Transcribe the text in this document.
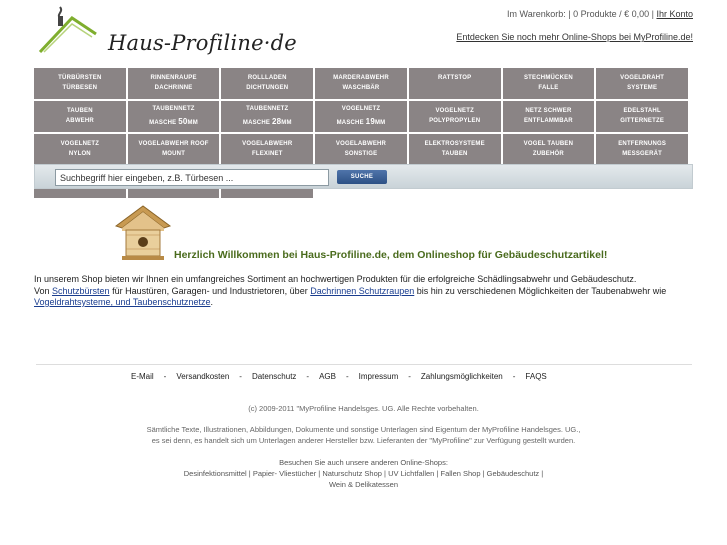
Haus-Profiline·de
Im Warenkorb: | 0 Produkte / € 0,00 | Ihr Konto
Entdecken Sie noch mehr Online-Shops bei MyProfiline.de!
TÜRBÜRSTEN
TÜRBESEN
RINNENRAUPE
DACHRINNE
ROLLLADEN
DICHTUNGEN
MARDERABWEHR
WASCHBÄR
RATTSTOP	STECHMÜCKEN
FALLE
VOGELDRAHT
SYSTEME
TAUBEN
ABWEHR
TAUBENNETZ
MASCHE 50MM
TAUBENNETZ
MASCHE 28MM
VOGELNETZ
MASCHE 19MM
VOGELNETZ
POLYPROPYLEN
NETZ SCHWER
ENTFLAMMBAR
EDELSTAHL
GITTERNETZE
VOGELNETZ
NYLON
VOGELABWEHR ROOF
MOUNT
VOGELABWEHR
FLEXINET
VOGELABWEHR
SONSTIGE
ELEKTROSYSTEME
TAUBEN
VOGEL TAUBEN
ZUBEHÖR
ENTFERNUNGS
MESSGERÄT
Suchbegriff hier eingeben, z.B. Türbesen ...
SUCHE
Herzlich Willkommen bei Haus-Profiline.de, dem Onlineshop für Gebäudeschutzartikel!
In unserem Shop bieten wir Ihnen ein umfangreiches Sortiment an hochwertigen Produkten für die erfolgreiche Schädlingsabwehr und Gebäudeschutz.
Von Schutzbürsten für Haustüren, Garagen- und Industrietoren, über Dachrinnen Schutzraupen bis hin zu verschiedenen Möglichkeiten der Taubenabwehr wie Vogeldrahtsysteme, und Taubenschutznetze.
E-Mail - Versandkosten - Datenschutz - AGB - Impressum - Zahlungsmöglichkeiten - FAQS
(c) 2009-2011 "MyProfiline Handelsges. UG. Alle Rechte vorbehalten.
Sämtliche Texte, Illustrationen, Abbildungen, Dokumente und sonstige Unterlagen sind Eigentum der MyProfiline Handelsges. UG.,
es sei denn, es handelt sich um Unterlagen anderer Hersteller bzw. Lieferanten der "MyProfiline" zur Verfügung gestellt wurden.
Besuchen Sie auch unsere anderen Online-Shops:
Desinfektionsmittel | Papier- Vliestücher | Naturschutz Shop | UV Lichtfallen | Fallen Shop | Gebäudeschutz |
Wein & Delikatessen
